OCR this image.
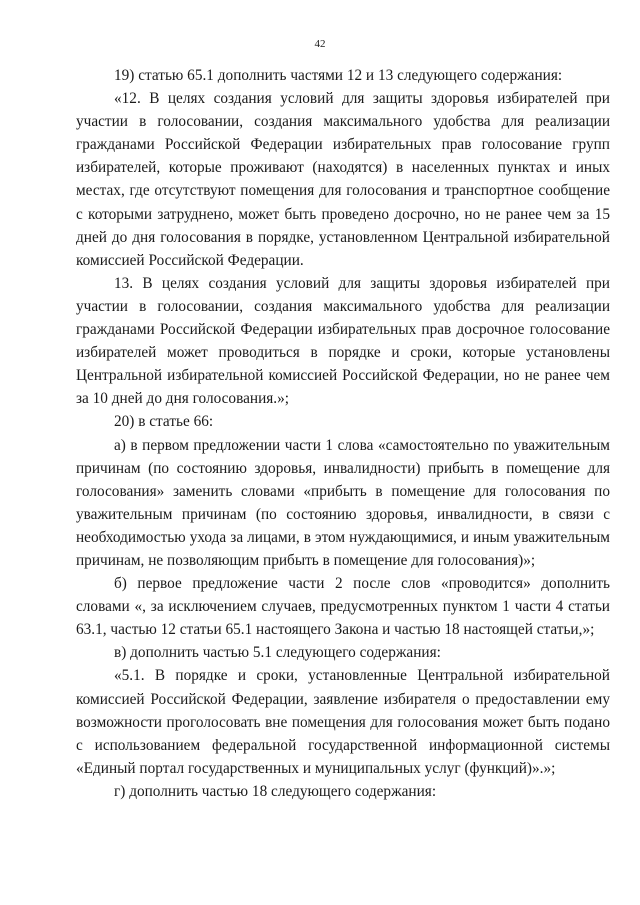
42

19) статью 65.1 дополнить частями 12 и 13 следующего содержания:

«12. В целях создания условий для защиты здоровья избирателей при участии в голосовании, создания максимального удобства для реализации гражданами Российской Федерации избирательных прав голосование групп избирателей, которые проживают (находятся) в населенных пунктах и иных местах, где отсутствуют помещения для голосования и транспортное сообщение с которыми затруднено, может быть проведено досрочно, но не ранее чем за 15 дней до дня голосования в порядке, установленном Центральной избирательной комиссией Российской Федерации.

13. В целях создания условий для защиты здоровья избирателей при участии в голосовании, создания максимального удобства для реализации гражданами Российской Федерации избирательных прав досрочное голосование избирателей может проводиться в порядке и сроки, которые установлены Центральной избирательной комиссией Российской Федерации, но не ранее чем за 10 дней до дня голосования.»;

20) в статье 66:

а) в первом предложении части 1 слова «самостоятельно по уважительным причинам (по состоянию здоровья, инвалидности) прибыть в помещение для голосования» заменить словами «прибыть в помещение для голосования по уважительным причинам (по состоянию здоровья, инвалидности, в связи с необходимостью ухода за лицами, в этом нуждающимися, и иным уважительным причинам, не позволяющим прибыть в помещение для голосования)»;

б) первое предложение части 2 после слов «проводится» дополнить словами «, за исключением случаев, предусмотренных пунктом 1 части 4 статьи 63.1, частью 12 статьи 65.1 настоящего Закона и частью 18 настоящей статьи,»;

в) дополнить частью 5.1 следующего содержания:

«5.1. В порядке и сроки, установленные Центральной избирательной комиссией Российской Федерации, заявление избирателя о предоставлении ему возможности проголосовать вне помещения для голосования может быть подано с использованием федеральной государственной информационной системы «Единый портал государственных и муниципальных услуг (функций)».»;

г) дополнить частью 18 следующего содержания:
